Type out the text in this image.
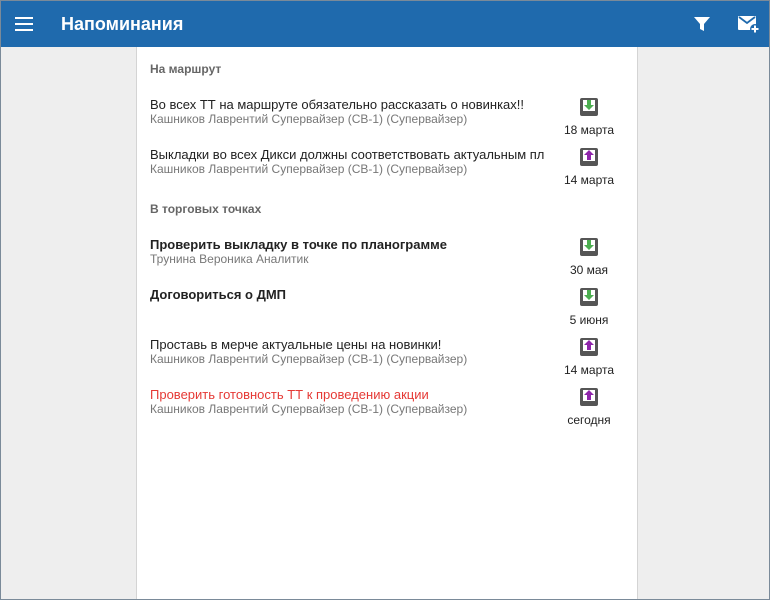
Напоминания
На маршрут
Во всех ТТ на маршруте обязательно рассказать о новинках!!
Кашников Лаврентий Супервайзер (СВ-1) (Супервайзер)
18 марта
Выкладки во всех Дикси должны соответствовать актуальным пл
Кашников Лаврентий Супервайзер (СВ-1) (Супервайзер)
14 марта
В торговых точках
Проверить выкладку в точке по планограмме
Трунина Вероника Аналитик
30 мая
Договориться о ДМП
5 июня
Проставь в мерче актуальные цены на новинки!
Кашников Лаврентий Супервайзер (СВ-1) (Супервайзер)
14 марта
Проверить готовность ТТ к проведению акции
Кашников Лаврентий Супервайзер (СВ-1) (Супервайзер)
сегодня
